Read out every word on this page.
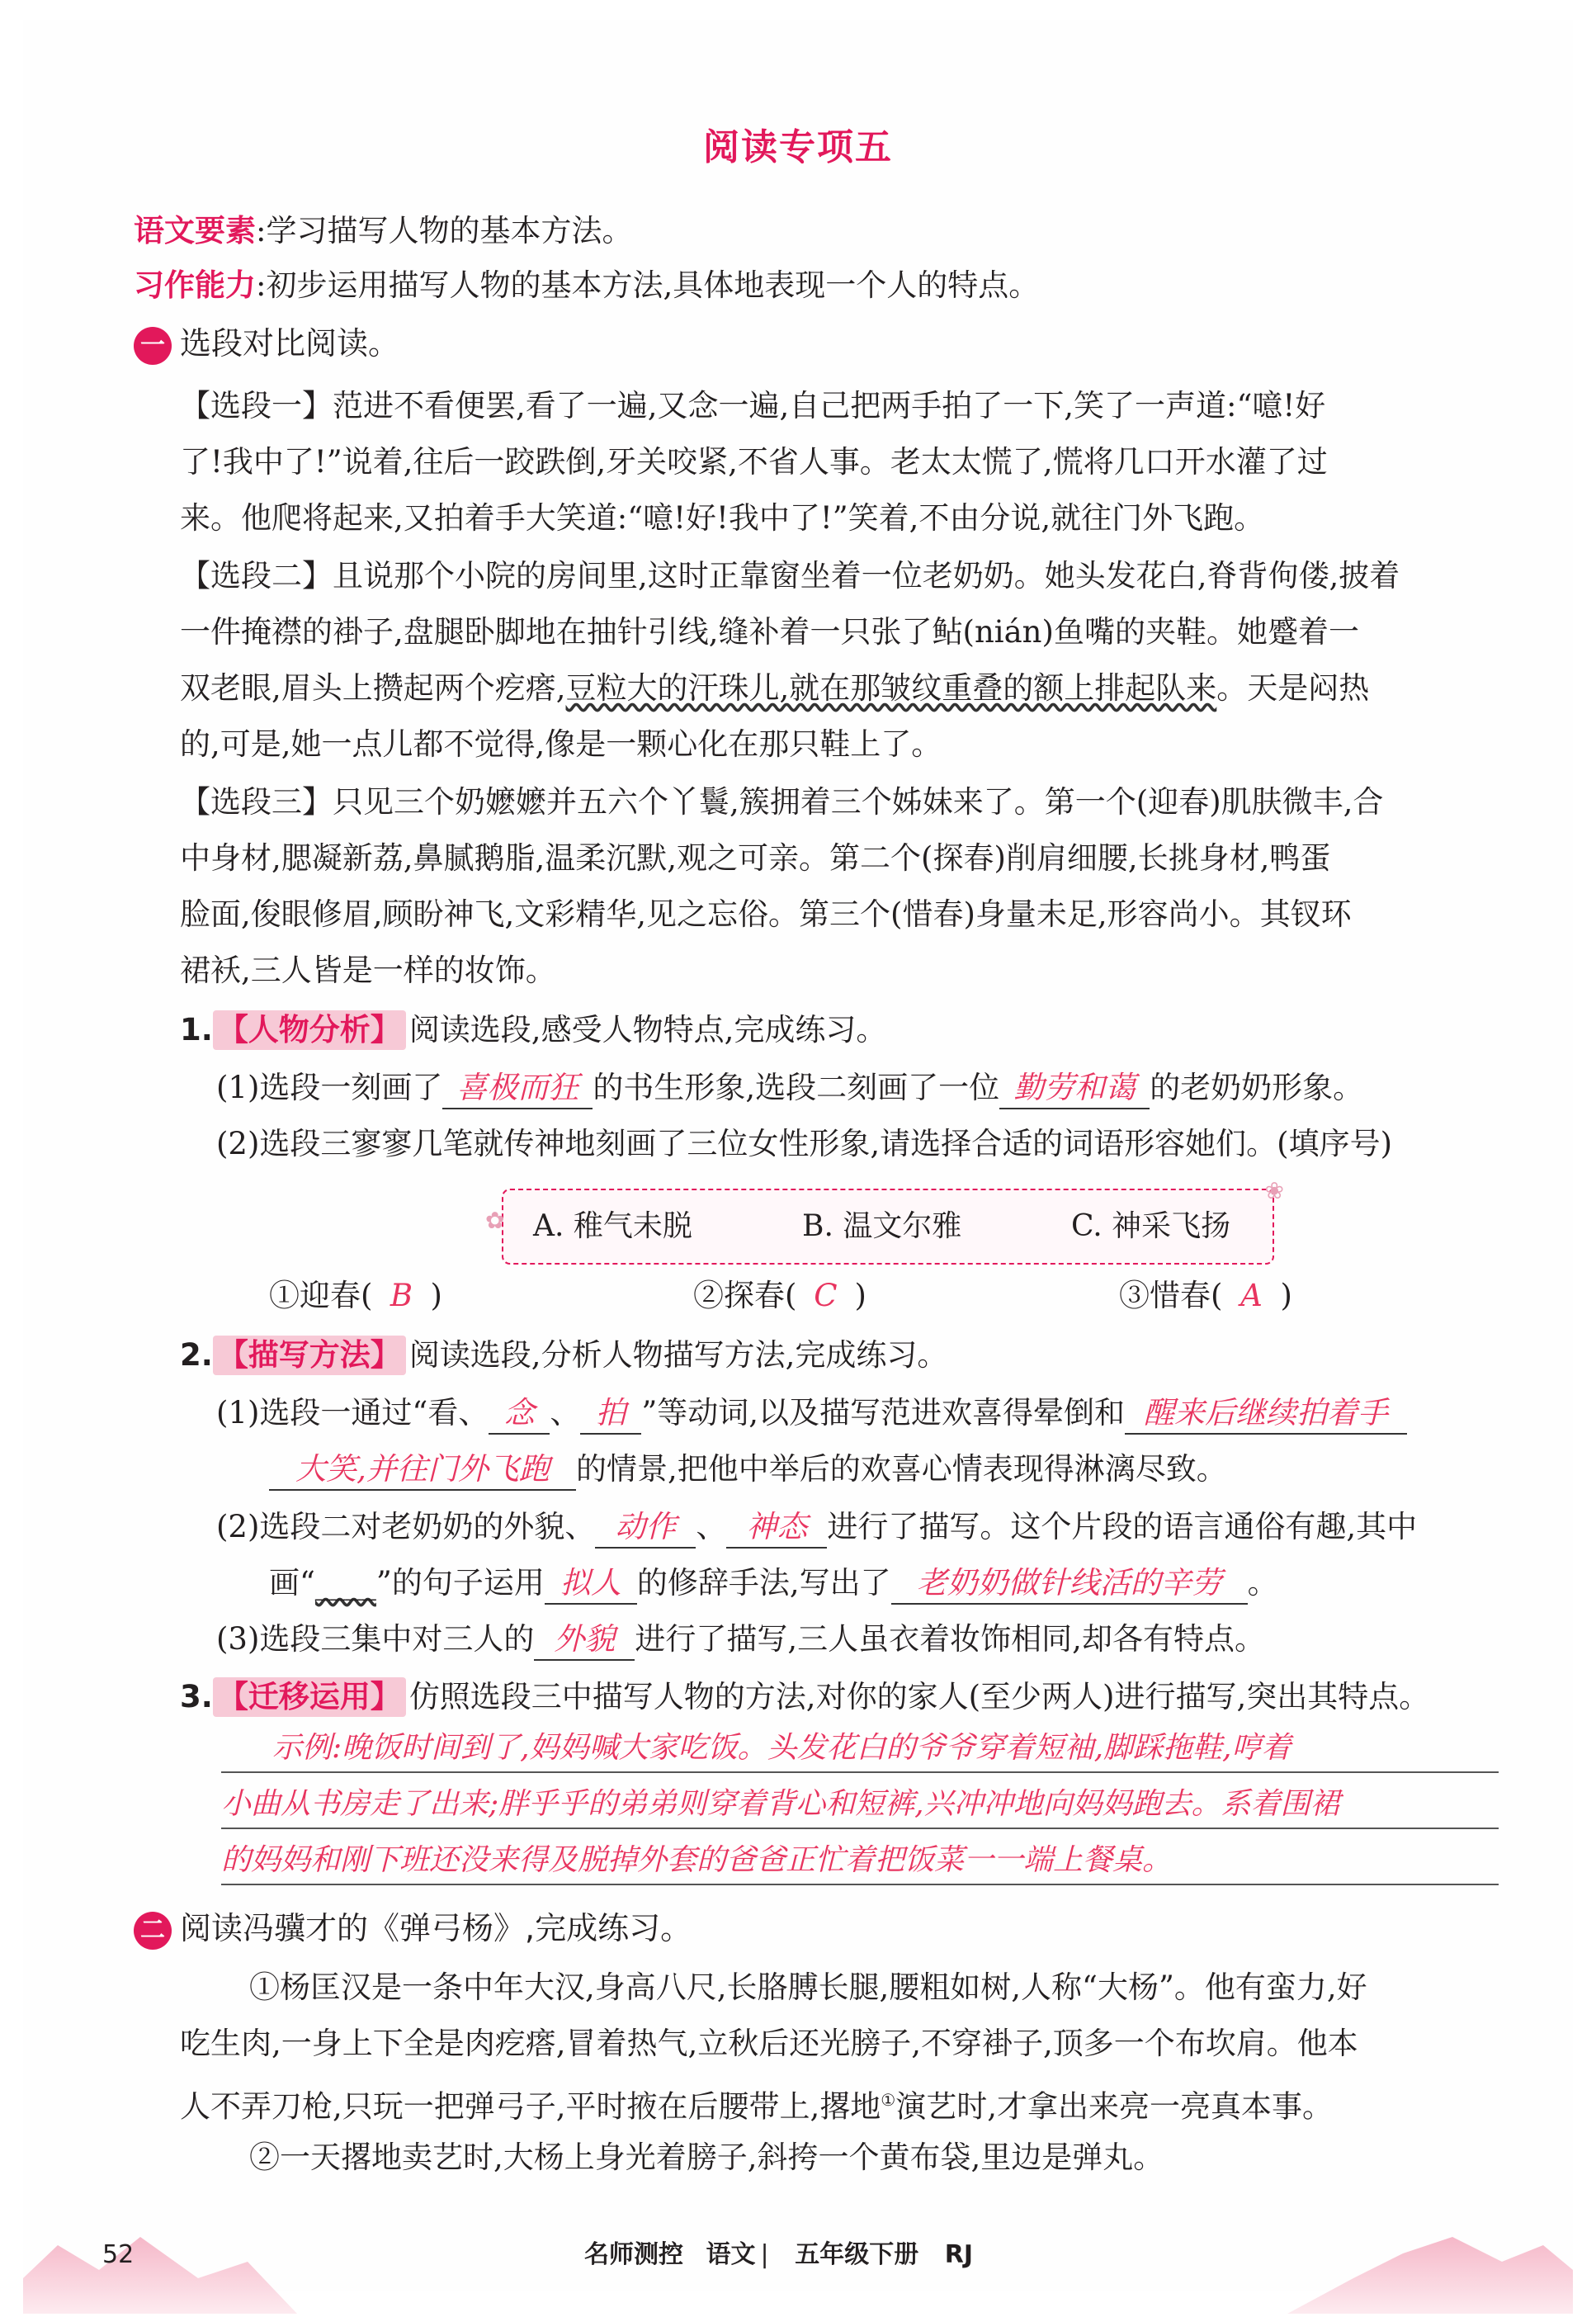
阅读专项五
语文要素:学习描写人物的基本方法。
习作能力:初步运用描写人物的基本方法,具体地表现一个人的特点。
一 选段对比阅读。
【选段一】范进不看便罢,看了一遍,又念一遍,自己把两手拍了一下,笑了一声道:“噫!好
了!我中了!”说着,往后一跤跌倒,牙关咬紧,不省人事。老太太慌了,慌将几口开水灌了过
来。他爬将起来,又拍着手大笑道:“噫!好!我中了!”笑着,不由分说,就往门外飞跑。
【选段二】且说那个小院的房间里,这时正靠窗坐着一位老奶奶。她头发花白,脊背佝偻,披着
一件掩襟的褂子,盘腿卧脚地在抽针引线,缝补着一只张了鲇(nián)鱼嘴的夹鞋。她蹙着一
双老眼,眉头上攒起两个疙瘩,豆粒大的汗珠儿,就在那皱纹重叠的额上排起队来。天是闷热
的,可是,她一点儿都不觉得,像是一颗心化在那只鞋上了。
【选段三】只见三个奶嬷嬷并五六个丫鬟,簇拥着三个姊妹来了。第一个(迎春)肌肤微丰,合
中身材,腮凝新荔,鼻腻鹅脂,温柔沉默,观之可亲。第二个(探春)削肩细腰,长挑身材,鸭蛋
脸面,俊眼修眉,顾盼神飞,文彩精华,见之忘俗。第三个(惜春)身量未足,形容尚小。其钗环
裙袄,三人皆是一样的妆饰。
1. 【人物分析】 阅读选段,感受人物特点,完成练习。
(1)选段一刻画了 喜极而狂 的书生形象,选段二刻画了一位 勤劳和蔼 的老奶奶形象。
(2)选段三寥寥几笔就传神地刻画了三位女性形象,请选择合适的词语形容她们。(填序号)
✿
❀
A. 稚气未脱	B. 温文尔雅	C. 神采飞扬
①迎春( B )	②探春( C )	③惜春( A )
2. 【描写方法】 阅读选段,分析人物描写方法,完成练习。
(1)选段一通过“看、 念 、 拍 ”等动词,以及描写范进欢喜得晕倒和 醒来后继续拍着手
大笑,并往门外飞跑 的情景,把他中举后的欢喜心情表现得淋漓尽致。
(2)选段二对老奶奶的外貌、 动作 、 神态 进行了描写。这个片段的语言通俗有趣,其中
画“____”的句子运用 拟人 的修辞手法,写出了 老奶奶做针线活的辛劳 。
(3)选段三集中对三人的 外貌 进行了描写,三人虽衣着妆饰相同,却各有特点。
3. 【迁移运用】 仿照选段三中描写人物的方法,对你的家人(至少两人)进行描写,突出其特点。
示例:晚饭时间到了,妈妈喊大家吃饭。头发花白的爷爷穿着短袖,脚踩拖鞋,哼着
小曲从书房走了出来;胖乎乎的弟弟则穿着背心和短裤,兴冲冲地向妈妈跑去。系着围裙
的妈妈和刚下班还没来得及脱掉外套的爸爸正忙着把饭菜一一端上餐桌。
二 阅读冯骥才的《弹弓杨》,完成练习。
①杨匡汉是一条中年大汉,身高八尺,长胳膊长腿,腰粗如树,人称“大杨”。他有蛮力,好
吃生肉,一身上下全是肉疙瘩,冒着热气,立秋后还光膀子,不穿褂子,顶多一个布坎肩。他本
人不弄刀枪,只玩一把弹弓子,平时掖在后腰带上,撂地①演艺时,才拿出来亮一亮真本事。
②一天撂地卖艺时,大杨上身光着膀子,斜挎一个黄布袋,里边是弹丸。
52	名师测控 语文 | 五年级下册 RJ
